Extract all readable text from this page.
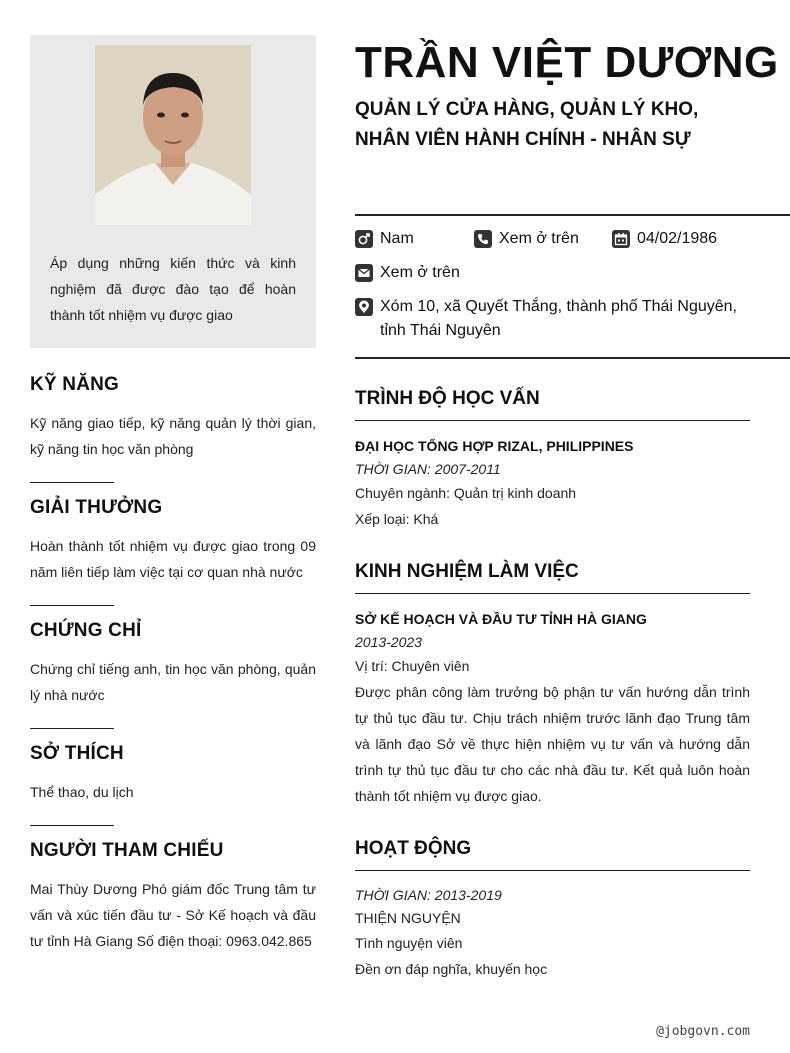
Áp dụng những kiến thức và kinh nghiệm đã được đào tạo để hoàn thành tốt nhiệm vụ được giao
KỸ NĂNG
Kỹ năng giao tiếp, kỹ năng quản lý thời gian, kỹ năng tin học văn phòng
GIẢI THƯỞNG
Hoàn thành tốt nhiệm vụ được giao trong 09 năm liên tiếp làm việc tại cơ quan nhà nước
CHỨNG CHỈ
Chứng chỉ tiếng anh, tin học văn phòng, quản lý nhà nước
SỞ THÍCH
Thể thao, du lịch
NGƯỜI THAM CHIẾU
Mai Thùy Dương Phó giám đốc Trung tâm tư vấn và xúc tiến đầu tư - Sở Kế hoạch và đầu tư tỉnh Hà Giang Số điện thoại: 0963.042.865
TRẦN VIỆT DƯƠNG
QUẢN LÝ CỬA HÀNG, QUẢN LÝ KHO, NHÂN VIÊN HÀNH CHÍNH - NHÂN SỰ
Nam	Xem ở trên	04/02/1986
Xem ở trên
Xóm 10, xã Quyết Thắng, thành phố Thái Nguyên, tỉnh Thái Nguyên
TRÌNH ĐỘ HỌC VẤN
ĐẠI HỌC TỔNG HỢP RIZAL, PHILIPPINES
THỜI GIAN: 2007-2011
Chuyên ngành: Quản trị kinh doanh
Xếp loại: Khá
KINH NGHIỆM LÀM VIỆC
SỞ KẾ HOẠCH VÀ ĐẦU TƯ TỈNH HÀ GIANG
2013-2023
Vị trí: Chuyên viên
Được phân công làm trưởng bộ phận tư vấn hướng dẫn trình tự thủ tục đầu tư. Chịu trách nhiệm trước lãnh đạo Trung tâm và lãnh đạo Sở về thực hiện nhiệm vụ tư vấn và hướng dẫn trình tự thủ tục đầu tư cho các nhà đầu tư. Kết quả luôn hoàn thành tốt nhiệm vụ được giao.
HOẠT ĐỘNG
THỜI GIAN: 2013-2019
THIỆN NGUYỆN
Tình nguyện viên
Đền ơn đáp nghĩa, khuyến học
@jobgovn.com
